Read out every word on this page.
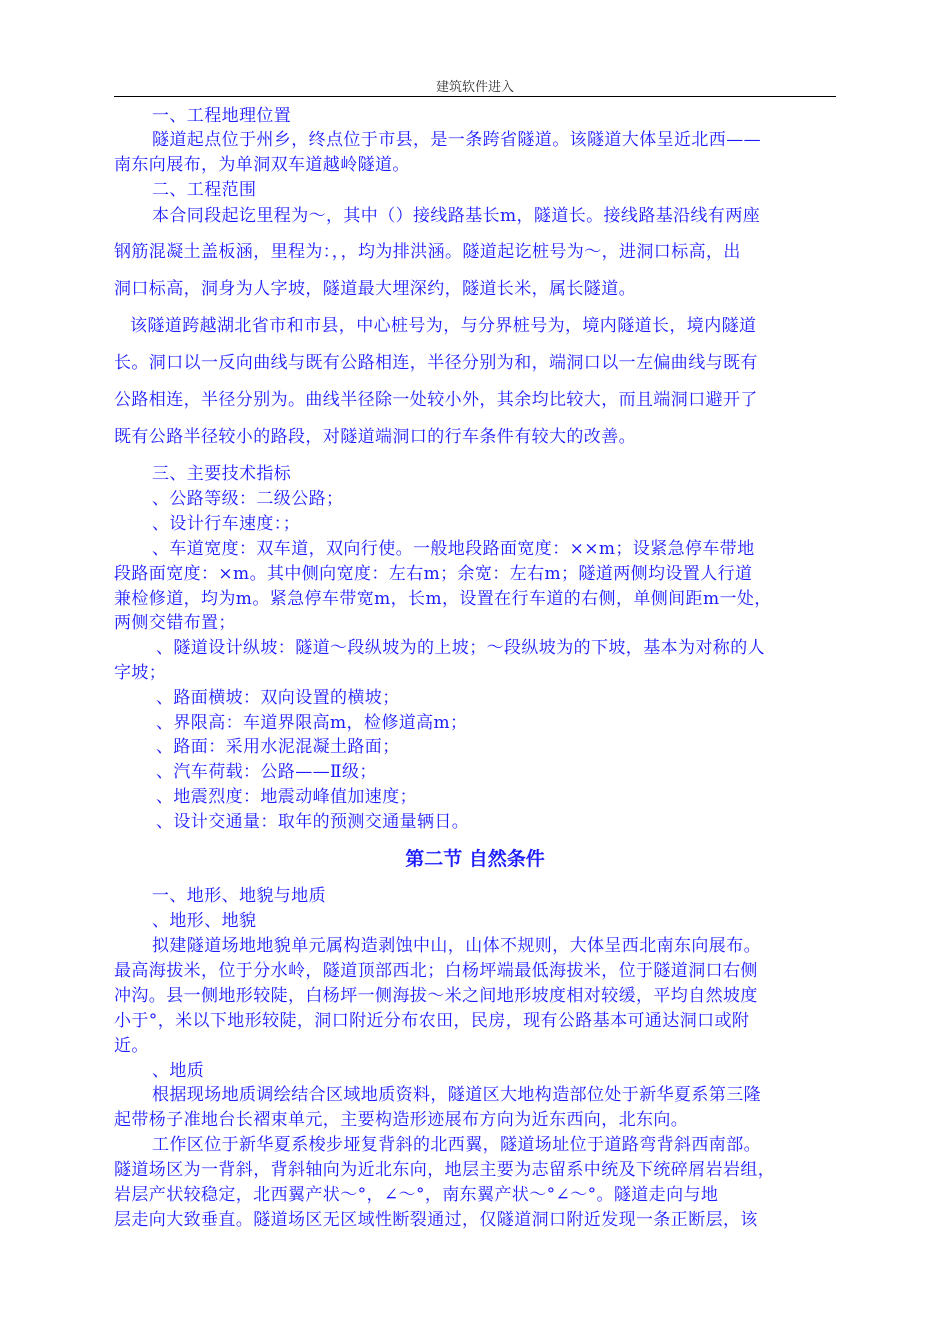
建筑软件进入
一、工程地理位置
隧道起点位于州乡，终点位于市县，是一条跨省隧道。该隧道大体呈近北西——
南东向展布，为单洞双车道越岭隧道。
二、工程范围
本合同段起讫里程为～，其中（）接线路基长m，隧道长。接线路基沿线有两座
钢筋混凝土盖板涵，里程为：，，均为排洪涵。隧道起讫桩号为～，进洞口标高，出
洞口标高，洞身为人字坡，隧道最大埋深约，隧道长米，属长隧道。
该隧道跨越湖北省市和市县，中心桩号为，与分界桩号为，境内隧道长，境内隧道
长。洞口以一反向曲线与既有公路相连，半径分别为和，端洞口以一左偏曲线与既有
公路相连，半径分别为。曲线半径除一处较小外，其余均比较大，而且端洞口避开了
既有公路半径较小的路段，对隧道端洞口的行车条件有较大的改善。
三、主要技术指标
、公路等级：二级公路；
、设计行车速度：；
、车道宽度：双车道，双向行使。一般地段路面宽度：××m；设紧急停车带地
段路面宽度：×m。其中侧向宽度：左右m；余宽：左右m；隧道两侧均设置人行道
兼检修道，均为m。紧急停车带宽m，长m，设置在行车道的右侧，单侧间距m一处，
两侧交错布置；
、隧道设计纵坡：隧道～段纵坡为的上坡；～段纵坡为的下坡，基本为对称的人
字坡；
、路面横坡：双向设置的横坡；
、界限高：车道界限高m，检修道高m；
、路面：采用水泥混凝土路面；
、汽车荷载：公路——Ⅱ级；
、地震烈度：地震动峰值加速度；
、设计交通量：取年的预测交通量辆日。
第二节 自然条件
一、地形、地貌与地质
、地形、地貌
拟建隧道场地地貌单元属构造剥蚀中山，山体不规则，大体呈西北南东向展布。
最高海拔米，位于分水岭，隧道顶部西北；白杨坪端最低海拔米，位于隧道洞口右侧
冲沟。县一侧地形较陡，白杨坪一侧海拔～米之间地形坡度相对较缓，平均自然坡度
小于°，米以下地形较陡，洞口附近分布农田，民房，现有公路基本可通达洞口或附
近。
、地质
根据现场地质调绘结合区域地质资料，隧道区大地构造部位处于新华夏系第三隆
起带杨子准地台长褶束单元，主要构造形迹展布方向为近东西向，北东向。
工作区位于新华夏系梭步垭复背斜的北西翼，隧道场址位于道路弯背斜西南部。
隧道场区为一背斜，背斜轴向为近北东向，地层主要为志留系中统及下统碎屑岩岩组，
岩层产状较稳定，北西翼产状～°，∠～°，南东翼产状～°∠～°。隧道走向与地
层走向大致垂直。隧道场区无区域性断裂通过，仅隧道洞口附近发现一条正断层，该
